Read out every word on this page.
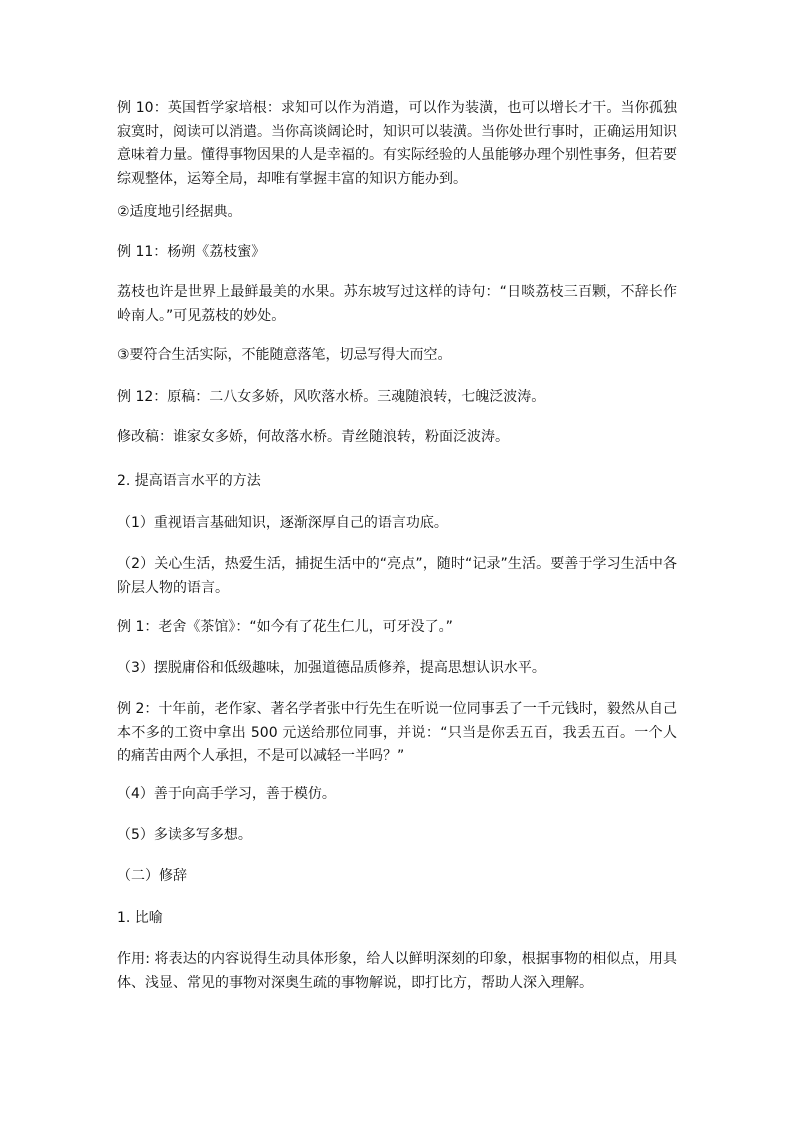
例 10：英国哲学家培根：求知可以作为消遣，可以作为装潢，也可以增长才干。当你孤独寂寞时，阅读可以消遣。当你高谈阔论时，知识可以装潢。当你处世行事时，正确运用知识意味着力量。懂得事物因果的人是幸福的。有实际经验的人虽能够办理个别性事务，但若要综观整体，运筹全局，却唯有掌握丰富的知识方能办到。

②适度地引经据典。

例 11：杨朔《荔枝蜜》

荔枝也许是世界上最鲜最美的水果。苏东坡写过这样的诗句：“日啖荔枝三百颗，不辞长作岭南人。”可见荔枝的妙处。

③要符合生活实际，不能随意落笔，切忌写得大而空。

例 12：原稿：二八女多娇，风吹落水桥。三魂随浪转，七魄泛波涛。

修改稿：谁家女多娇，何故落水桥。青丝随浪转，粉面泛波涛。

2. 提高语言水平的方法

（1）重视语言基础知识，逐渐深厚自己的语言功底。

（2）关心生活，热爱生活，捕捉生活中的“亮点”，随时“记录”生活。要善于学习生活中各阶层人物的语言。

例 1：老舍《茶馆》：“如今有了花生仁儿，可牙没了。”

（3）摆脱庸俗和低级趣味，加强道德品质修养，提高思想认识水平。

例 2：十年前，老作家、著名学者张中行先生在听说一位同事丢了一千元钱时，毅然从自己本不多的工资中拿出 500 元送给那位同事，并说：“只当是你丢五百，我丢五百。一个人的痛苦由两个人承担，不是可以减轻一半吗？”

（4）善于向高手学习，善于模仿。

（5）多读多写多想。

（二）修辞

1. 比喻

作用: 将表达的内容说得生动具体形象，给人以鲜明深刻的印象，根据事物的相似点，用具体、浅显、常见的事物对深奥生疏的事物解说，即打比方，帮助人深入理解。
